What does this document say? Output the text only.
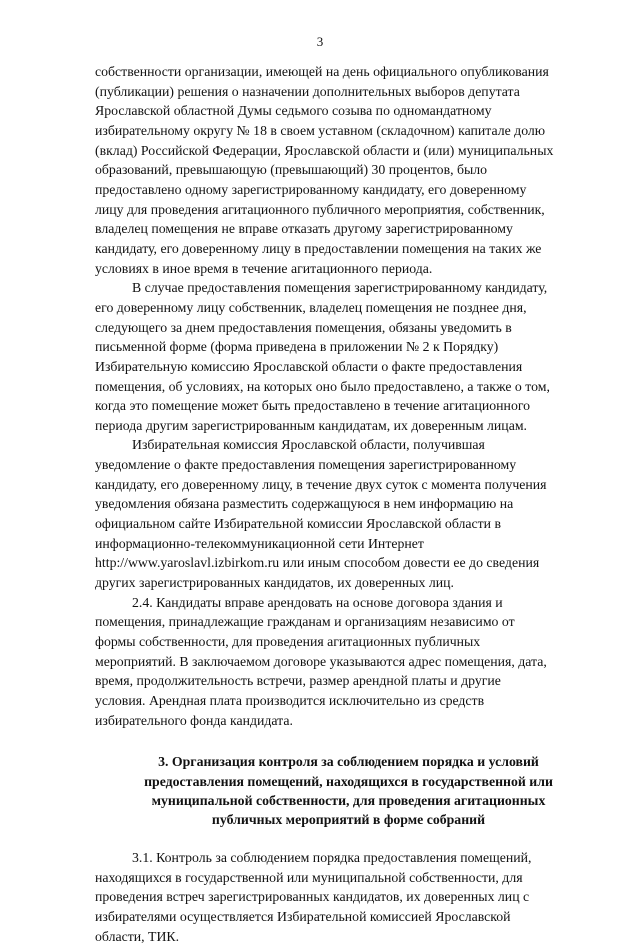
3

собственности организации, имеющей на день официального опубликования
(публикации) решения о назначении дополнительных выборов депутата
Ярославской областной Думы седьмого созыва по одномандатному
избирательному округу № 18 в своем уставном (складочном) капитале долю
(вклад) Российской Федерации, Ярославской области и (или) муниципальных
образований, превышающую (превышающий) 30 процентов, было
предоставлено одному зарегистрированному кандидату, его доверенному
лицу для проведения агитационного публичного мероприятия, собственник,
владелец помещения не вправе отказать другому зарегистрированному
кандидату, его доверенному лицу в предоставлении помещения на таких же
условиях в иное время в течение агитационного периода.

В случае предоставления помещения зарегистрированному кандидату,
его доверенному лицу собственник, владелец помещения не позднее дня,
следующего за днем предоставления помещения, обязаны уведомить в
письменной форме (форма приведена в приложении № 2 к Порядку)
Избирательную комиссию Ярославской области о факте предоставления
помещения, об условиях, на которых оно было предоставлено, а также о том,
когда это помещение может быть предоставлено в течение агитационного
периода другим зарегистрированным кандидатам, их доверенным лицам.

Избирательная комиссия Ярославской области, получившая
уведомление о факте предоставления помещения зарегистрированному
кандидату, его доверенному лицу, в течение двух суток с момента получения
уведомления обязана разместить содержащуюся в нем информацию на
официальном сайте Избирательной комиссии Ярославской области в
информационно-телекоммуникационной сети Интернет
http://www.yaroslavl.izbirkom.ru или иным способом довести ее до сведения
других зарегистрированных кандидатов, их доверенных лиц.

2.4. Кандидаты вправе арендовать на основе договора здания и
помещения, принадлежащие гражданам и организациям независимо от
формы собственности, для проведения агитационных публичных
мероприятий. В заключаемом договоре указываются адрес помещения, дата,
время, продолжительность встречи, размер арендной платы и другие
условия. Арендная плата производится исключительно из средств
избирательного фонда кандидата.

3. Организация контроля за соблюдением порядка и условий
предоставления помещений, находящихся в государственной или
муниципальной собственности, для проведения агитационных
публичных мероприятий в форме собраний

3.1. Контроль за соблюдением порядка предоставления помещений,
находящихся в государственной или муниципальной собственности, для
проведения встреч зарегистрированных кандидатов, их доверенных лиц с
избирателями осуществляется Избирательной комиссией Ярославской
области, ТИК.
